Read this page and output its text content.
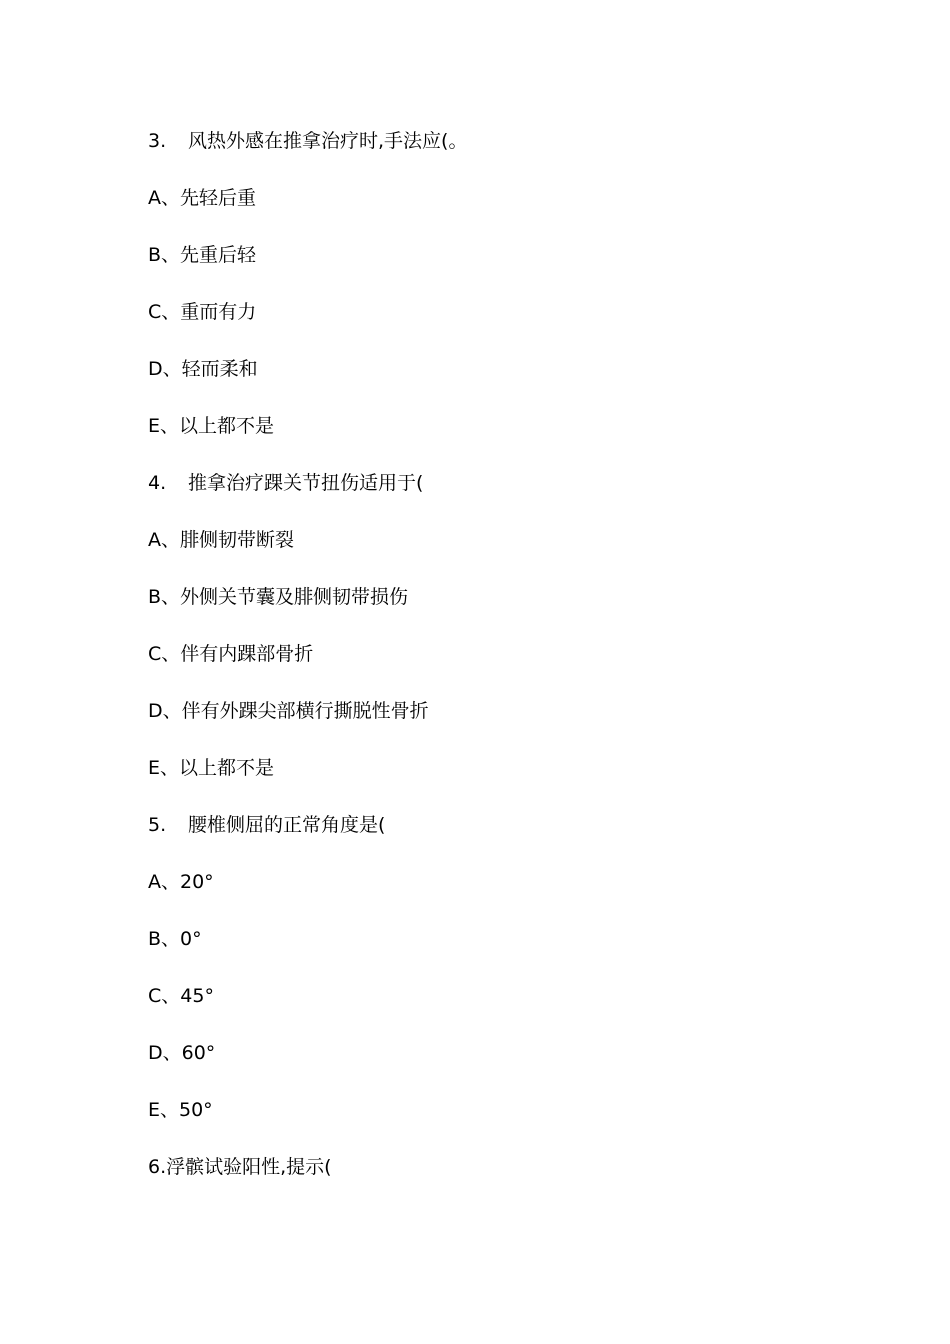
3. 风热外感在推拿治疗时,手法应(。
A、先轻后重
B、先重后轻
C、重而有力
D、轻而柔和
E、以上都不是
4. 推拿治疗踝关节扭伤适用于(
A、腓侧韧带断裂
B、外侧关节囊及腓侧韧带损伤
C、伴有内踝部骨折
D、伴有外踝尖部横行撕脱性骨折
E、以上都不是
5. 腰椎侧屈的正常角度是(
A、20°
B、0°
C、45°
D、60°
E、50°
6.浮髌试验阳性,提示(
